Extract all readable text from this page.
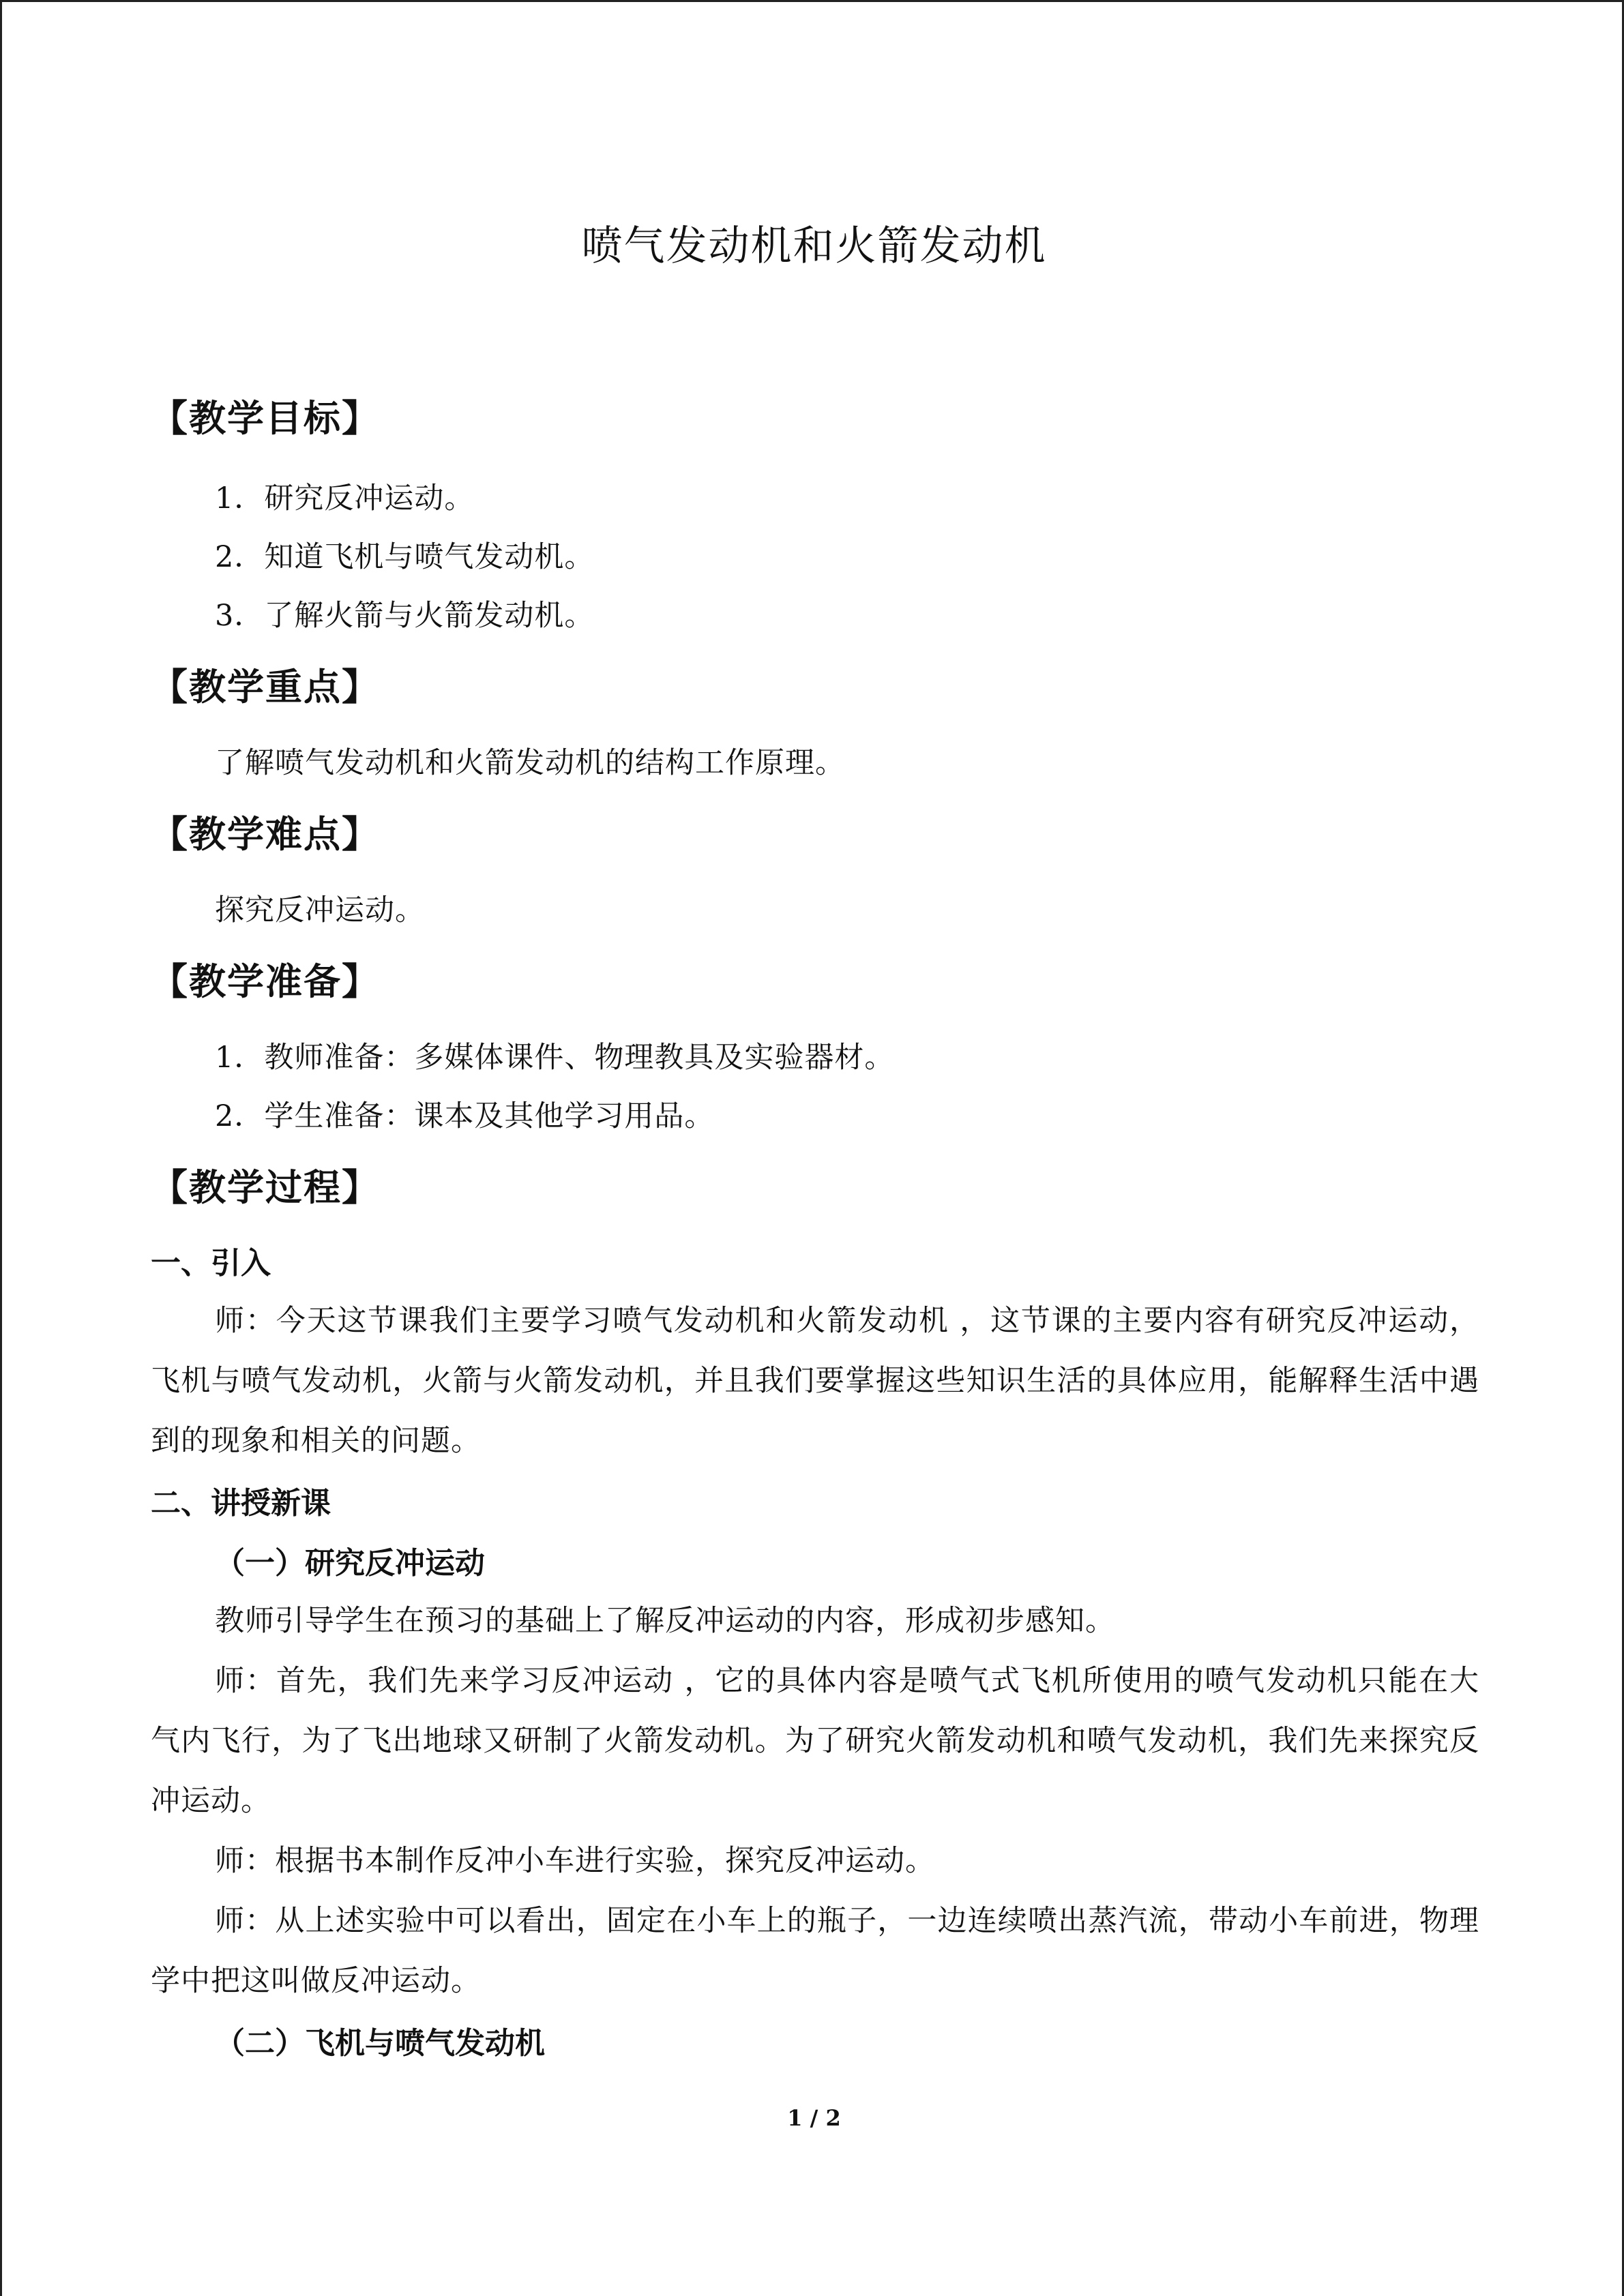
喷气发动机和火箭发动机
【教学目标】
1．研究反冲运动。
2．知道飞机与喷气发动机。
3．了解火箭与火箭发动机。
【教学重点】
了解喷气发动机和火箭发动机的结构工作原理。
【教学难点】
探究反冲运动。
【教学准备】
1．教师准备：多媒体课件、物理教具及实验器材。
2．学生准备：课本及其他学习用品。
【教学过程】
一、引入
师：今天这节课我们主要学习喷气发动机和火箭发动机 ，这节课的主要内容有研究反冲运动，飞机与喷气发动机，火箭与火箭发动机，并且我们要掌握这些知识生活的具体应用，能解释生活中遇到的现象和相关的问题。
二、讲授新课
（一）研究反冲运动
教师引导学生在预习的基础上了解反冲运动的内容，形成初步感知。
师：首先，我们先来学习反冲运动 ，它的具体内容是喷气式飞机所使用的喷气发动机只能在大气内飞行，为了飞出地球又研制了火箭发动机。为了研究火箭发动机和喷气发动机，我们先来探究反冲运动。
师：根据书本制作反冲小车进行实验，探究反冲运动。
师：从上述实验中可以看出，固定在小车上的瓶子，一边连续喷出蒸汽流，带动小车前进，物理学中把这叫做反冲运动。
（二）飞机与喷气发动机
1 / 2
